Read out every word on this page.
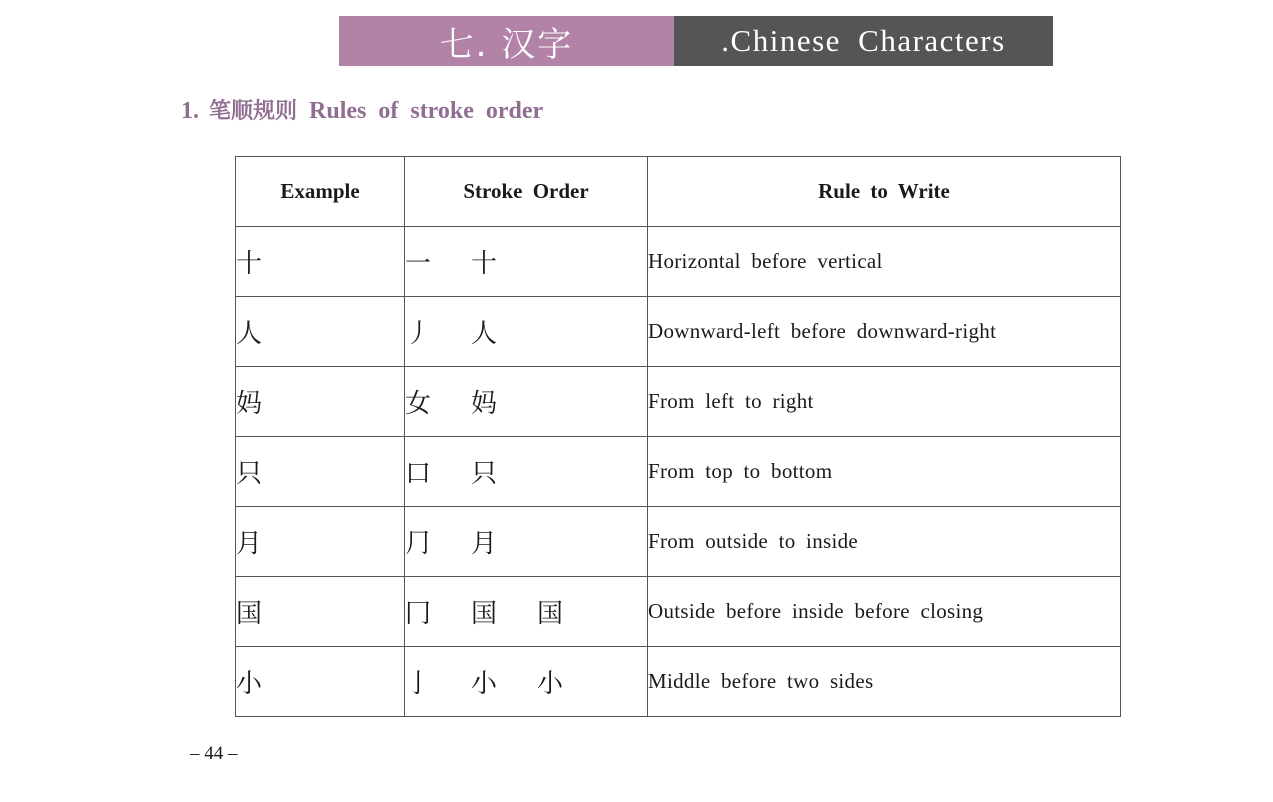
七. 汉字	.Chinese Characters
1. 笔顺规则 Rules of stroke order
Example	Stroke Order	Rule to Write
十	一 十	Horizontal before vertical
人	丿 人	Downward-left before downward-right
妈	女 妈	From left to right
只	口 只	From top to bottom
月	⺆ 月	From outside to inside
国	冂 国 国	Outside before inside before closing
小	亅 小 小	Middle before two sides
– 44 –
